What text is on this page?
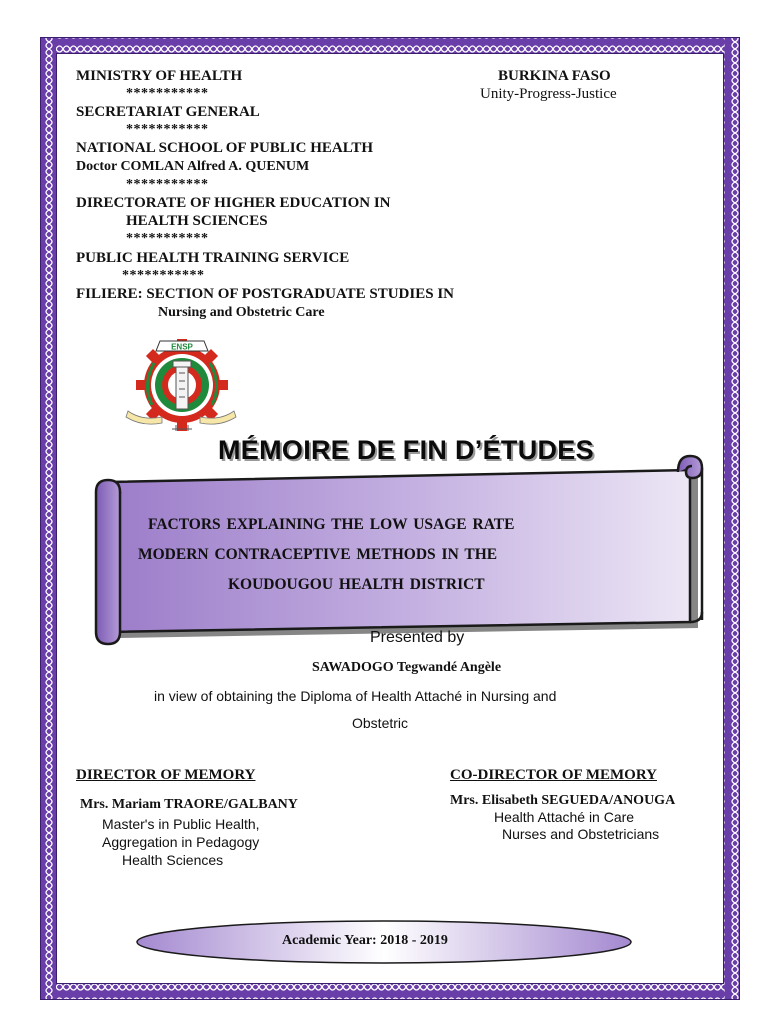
MINISTRY OF HEALTH
***********
SECRETARIAT GENERAL
***********
NATIONAL SCHOOL OF PUBLIC HEALTH
Doctor COMLAN Alfred A. QUENUM
***********
DIRECTORATE OF HIGHER EDUCATION IN
HEALTH SCIENCES
***********
PUBLIC HEALTH TRAINING SERVICE
***********
FILIERE: SECTION OF POSTGRADUATE STUDIES IN
Nursing and Obstetric Care
BURKINA FASO
Unity-Progress-Justice
ENSP
MÉMOIRE DE FIN D’ÉTUDES
FACTORS EXPLAINING THE LOW USAGE RATE
MODERN CONTRACEPTIVE METHODS IN THE
KOUDOUGOU HEALTH DISTRICT
Presented by
SAWADOGO Tegwandé Angèle
in view of obtaining the Diploma of Health Attaché in Nursing and
Obstetric
DIRECTOR OF MEMORY
Mrs. Mariam TRAORE/GALBANY
Master's in Public Health,
Aggregation in Pedagogy
Health Sciences
CO-DIRECTOR OF MEMORY
Mrs. Elisabeth SEGUEDA/ANOUGA
Health Attaché in Care
Nurses and Obstetricians
Academic Year: 2018 - 2019
